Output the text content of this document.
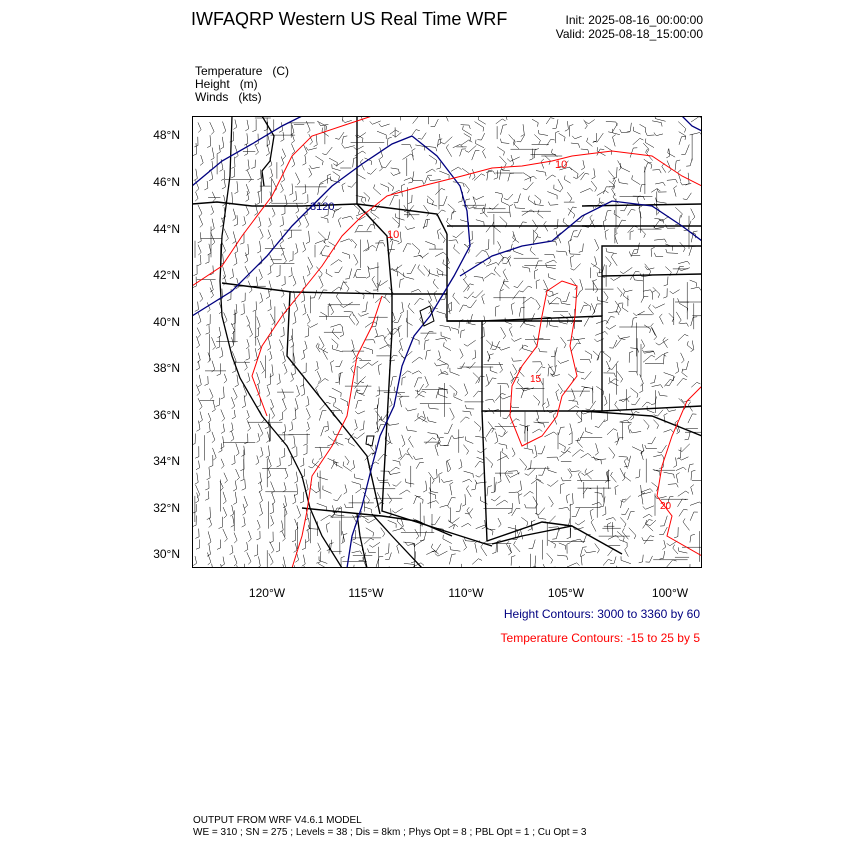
IWFAQRP Western US Real Time WRF	Init: 2025-08-16_00:00:00
Valid: 2025-08-18_15:00:00
Temperature   (C)
Height   (m)
Winds   (kts)
3120
10
10
15
20
48°N
46°N
44°N
42°N
40°N
38°N
36°N
34°N
32°N
30°N
120°W	115°W	110°W	105°W	100°W
Height Contours: 3000 to 3360 by 60
Temperature Contours: -15 to 25 by 5
OUTPUT FROM WRF V4.6.1 MODEL
WE = 310 ; SN = 275 ; Levels = 38 ; Dis = 8km ; Phys Opt = 8 ; PBL Opt = 1 ; Cu Opt = 3
